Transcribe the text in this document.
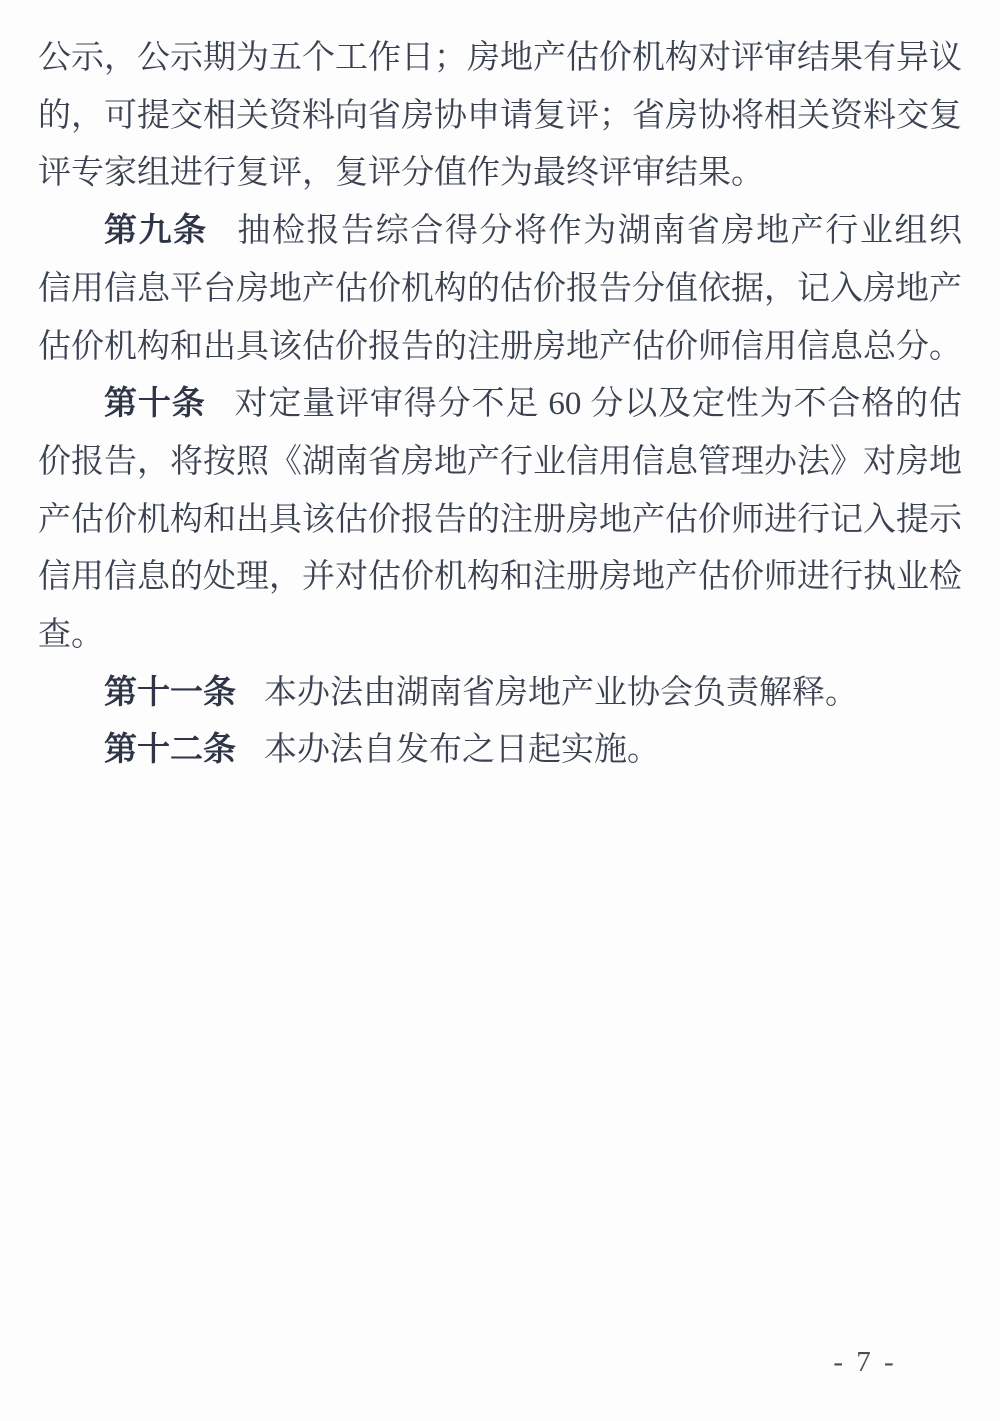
公示，公示期为五个工作日；房地产估价机构对评审结果有异议
的，可提交相关资料向省房协申请复评；省房协将相关资料交复
评专家组进行复评，复评分值作为最终评审结果。
第九条 抽检报告综合得分将作为湖南省房地产行业组织
信用信息平台房地产估价机构的估价报告分值依据，记入房地产
估价机构和出具该估价报告的注册房地产估价师信用信息总分。
第十条 对定量评审得分不足 60 分以及定性为不合格的估
价报告，将按照《湖南省房地产行业信用信息管理办法》对房地
产估价机构和出具该估价报告的注册房地产估价师进行记入提示
信用信息的处理，并对估价机构和注册房地产估价师进行执业检
查。
第十一条 本办法由湖南省房地产业协会负责解释。
第十二条 本办法自发布之日起实施。
- 7 -
